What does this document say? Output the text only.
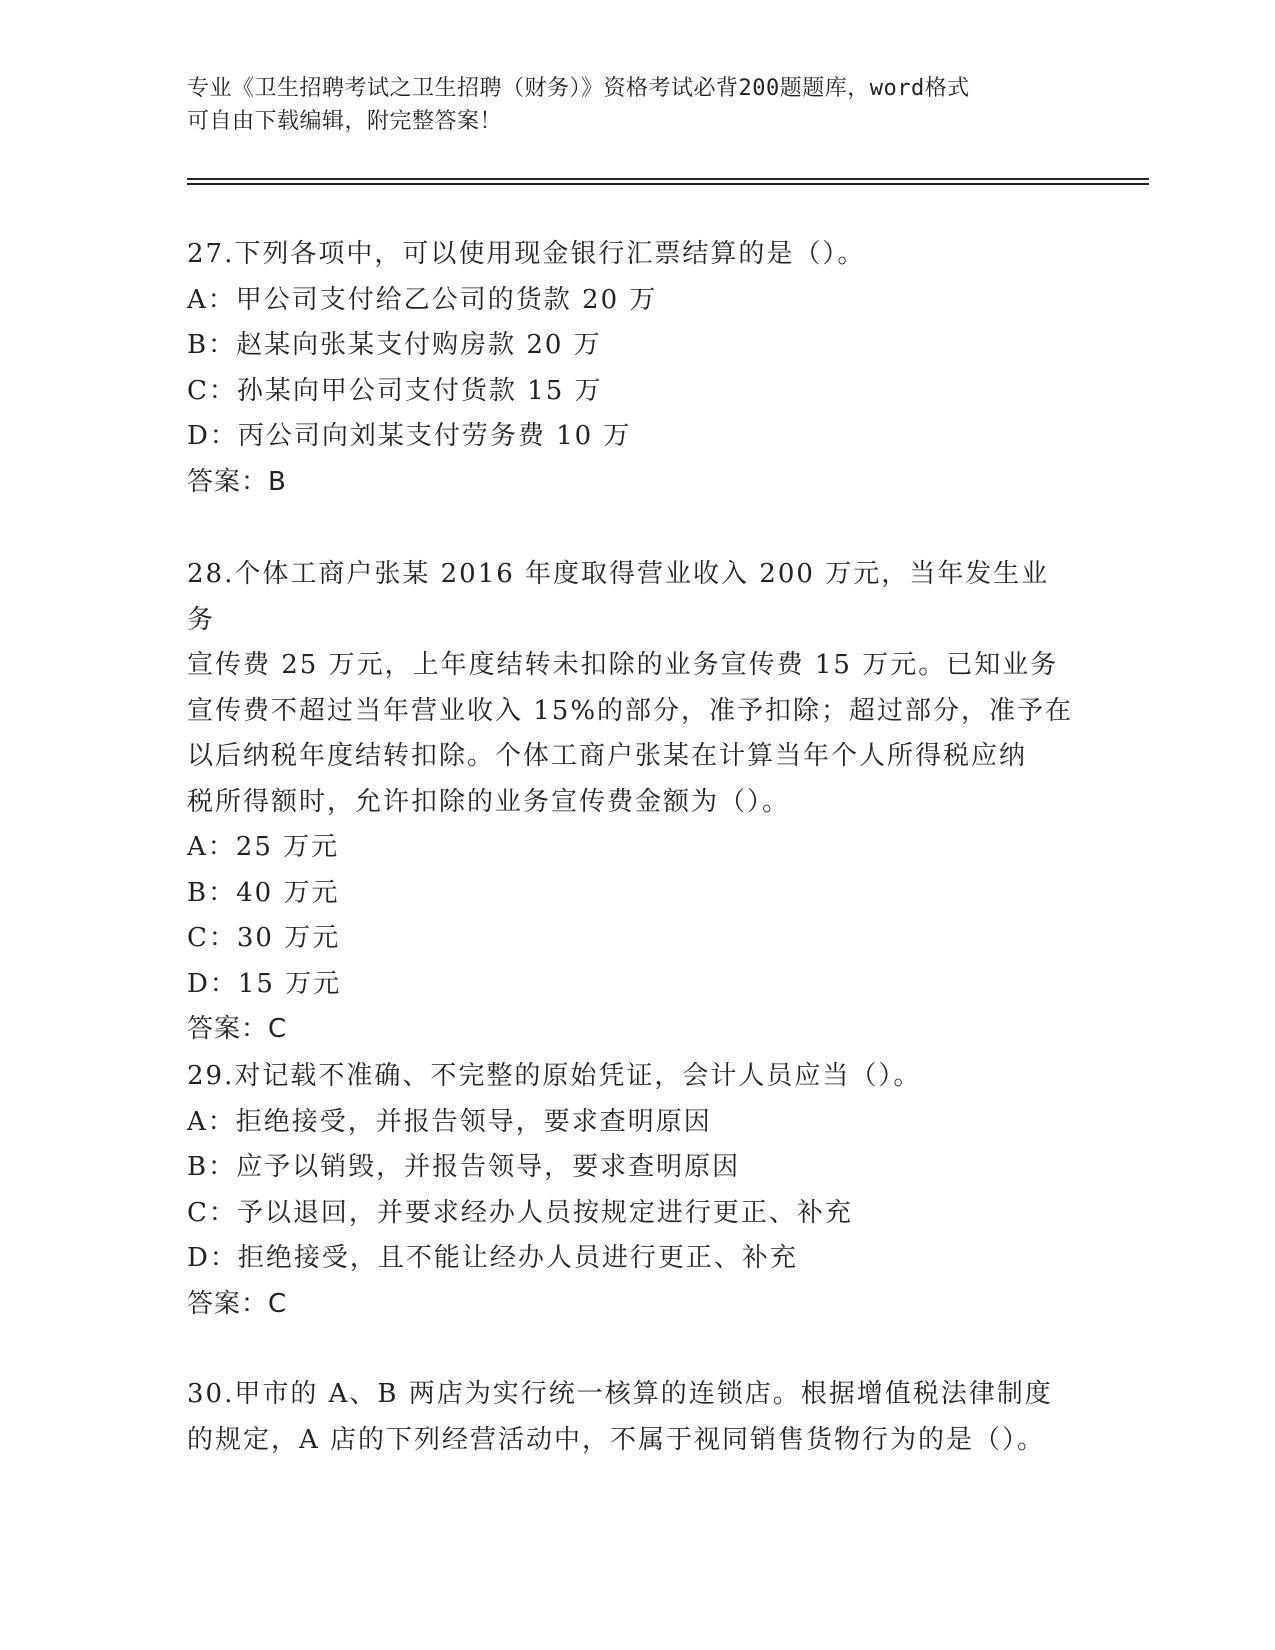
专业《卫生招聘考试之卫生招聘（财务）》资格考试必背200题题库，word格式
可自由下载编辑，附完整答案！

27.下列各项中，可以使用现金银行汇票结算的是（）。

A：甲公司支付给乙公司的货款 20 万

B：赵某向张某支付购房款 20 万

C：孙某向甲公司支付货款 15 万

D：丙公司向刘某支付劳务费 10 万

答案：B

28.个体工商户张某 2016 年度取得营业收入 200 万元，当年发生业务

宣传费 25 万元，上年度结转未扣除的业务宣传费 15 万元。已知业务

宣传费不超过当年营业收入 15%的部分，准予扣除；超过部分，准予在

以后纳税年度结转扣除。个体工商户张某在计算当年个人所得税应纳

税所得额时，允许扣除的业务宣传费金额为（）。

A：25 万元

B：40 万元

C：30 万元

D：15 万元

答案：C

29.对记载不准确、不完整的原始凭证，会计人员应当（）。

A：拒绝接受，并报告领导，要求查明原因

B：应予以销毁，并报告领导，要求查明原因

C：予以退回，并要求经办人员按规定进行更正、补充

D：拒绝接受，且不能让经办人员进行更正、补充

答案：C

30.甲市的 A、B 两店为实行统一核算的连锁店。根据增值税法律制度

的规定，A 店的下列经营活动中，不属于视同销售货物行为的是（）。
